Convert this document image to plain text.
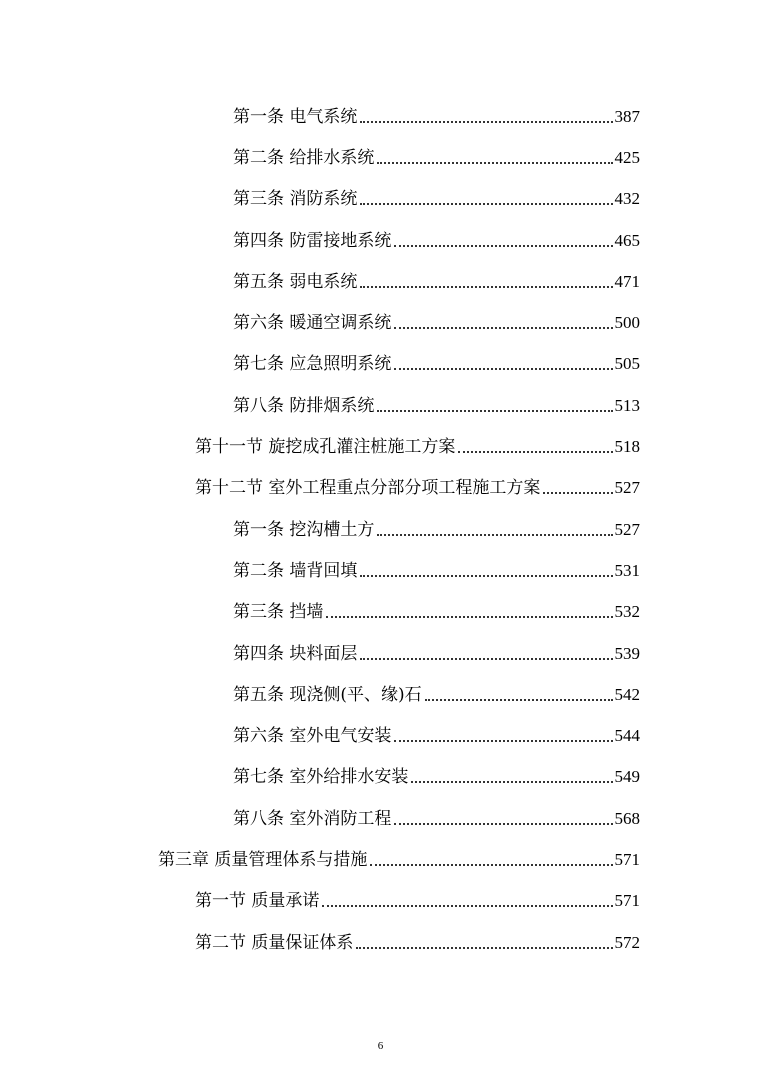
第一条 电气系统	387
第二条 给排水系统	425
第三条 消防系统	432
第四条 防雷接地系统	465
第五条 弱电系统	471
第六条 暖通空调系统	500
第七条 应急照明系统	505
第八条 防排烟系统	513
第十一节 旋挖成孔灌注桩施工方案	518
第十二节 室外工程重点分部分项工程施工方案	527
第一条 挖沟槽土方	527
第二条 墙背回填	531
第三条 挡墙	532
第四条 块料面层	539
第五条 现浇侧(平、缘)石	542
第六条 室外电气安装	544
第七条 室外给排水安装	549
第八条 室外消防工程	568
第三章 质量管理体系与措施	571
第一节 质量承诺	571
第二节 质量保证体系	572
6
